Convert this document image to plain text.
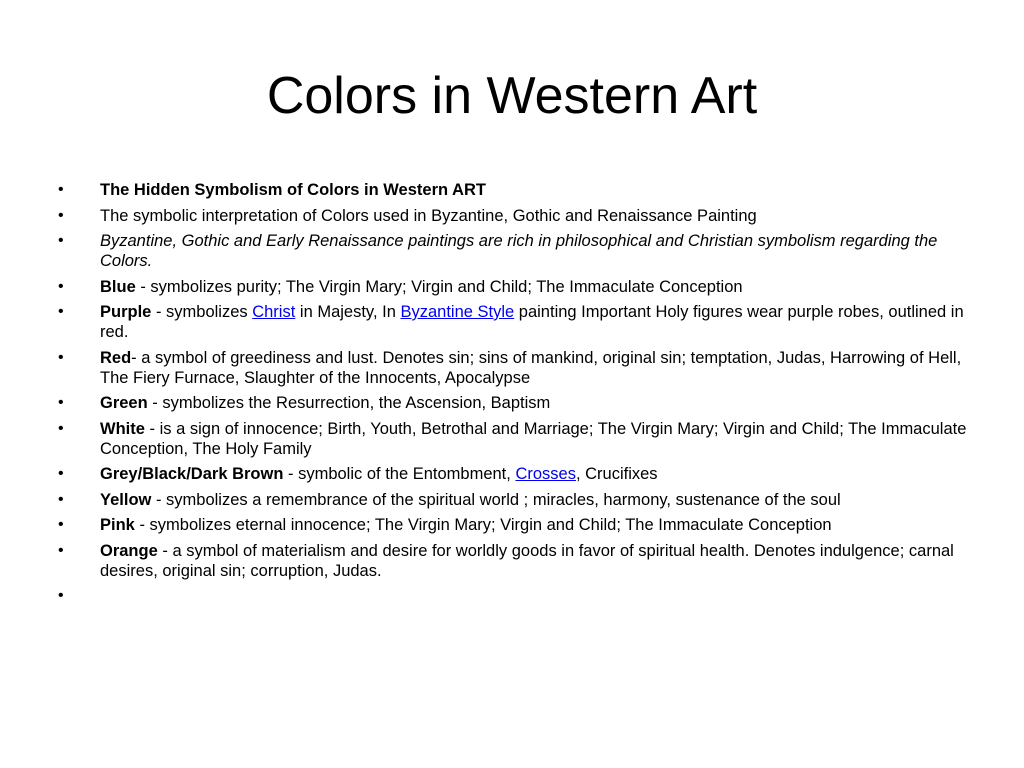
Colors in Western Art
•	The Hidden Symbolism of Colors in Western ART
•	The symbolic interpretation of Colors used in Byzantine, Gothic and Renaissance Painting
•	Byzantine, Gothic and Early Renaissance paintings are rich in philosophical and Christian symbolism regarding the Colors.
•	Blue - symbolizes purity; The Virgin Mary; Virgin and Child; The Immaculate Conception
•	Purple - symbolizes Christ in Majesty, In Byzantine Style painting Important Holy figures wear purple robes, outlined in red.
•	Red- a symbol of greediness and lust. Denotes sin; sins of mankind, original sin; temptation, Judas, Harrowing of Hell, The Fiery Furnace, Slaughter of the Innocents, Apocalypse
•	Green - symbolizes the Resurrection, the Ascension, Baptism
•	White - is a sign of innocence; Birth, Youth, Betrothal and Marriage; The Virgin Mary; Virgin and Child; The Immaculate Conception, The Holy Family
•	Grey/Black/Dark Brown - symbolic of the Entombment, Crosses, Crucifixes
•	Yellow - symbolizes a remembrance of the spiritual world ; miracles, harmony, sustenance of the soul
•	Pink - symbolizes eternal innocence; The Virgin Mary; Virgin and Child; The Immaculate Conception
•	Orange - a symbol of materialism and desire for worldly goods in favor of spiritual health. Denotes indulgence; carnal desires, original sin; corruption, Judas.
•
